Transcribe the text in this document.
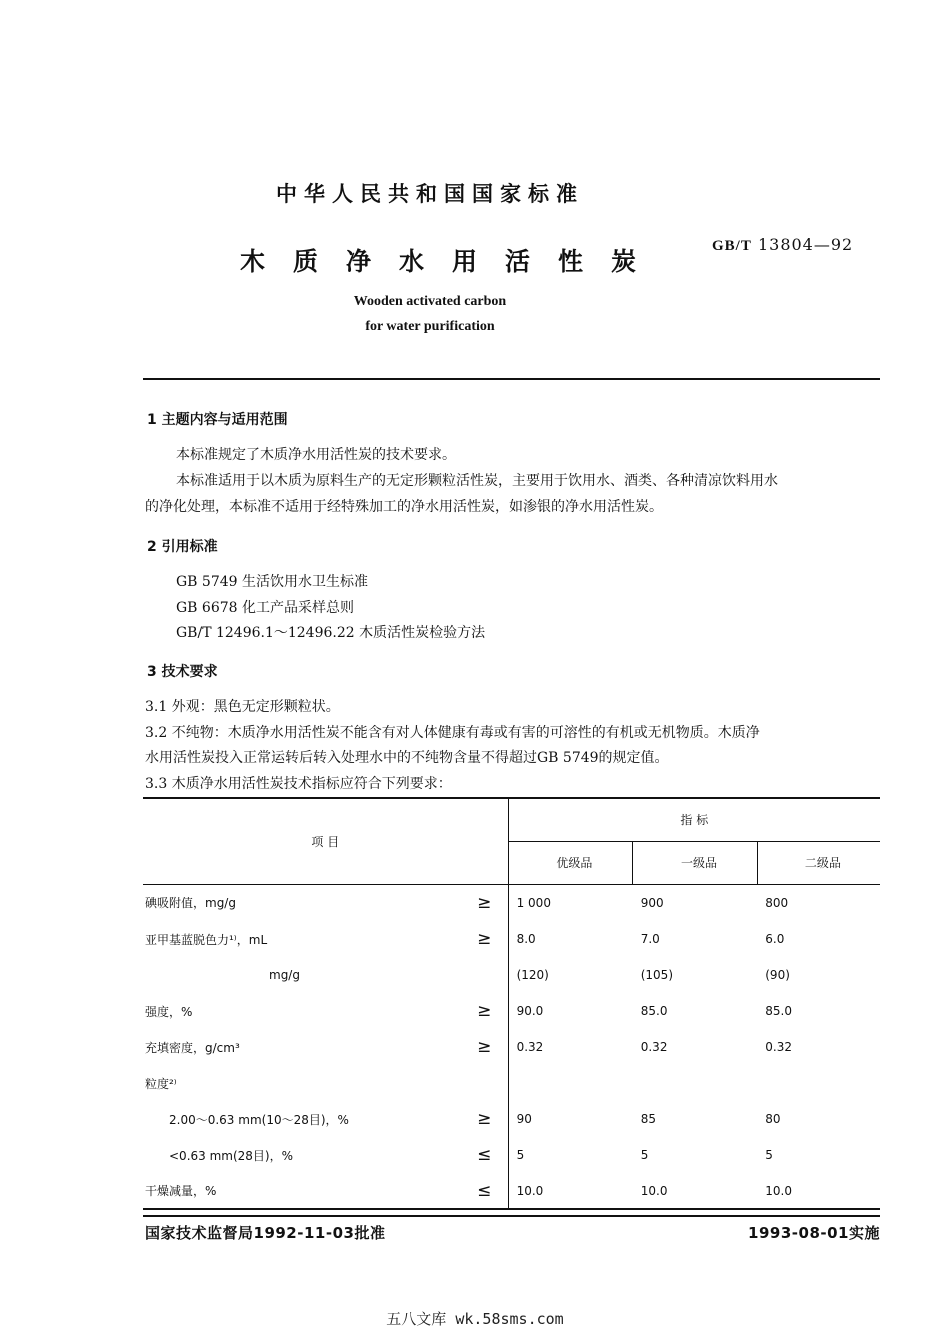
中华人民共和国国家标准
木质净水用活性炭
GB/T 13804—92
Wooden activated carbon
for water purification
1 主题内容与适用范围
本标准规定了木质净水用活性炭的技术要求。
本标准适用于以木质为原料生产的无定形颗粒活性炭，主要用于饮用水、酒类、各种清凉饮料用水
的净化处理，本标准不适用于经特殊加工的净水用活性炭，如渗银的净水用活性炭。
2 引用标准
GB 5749 生活饮用水卫生标准
GB 6678 化工产品采样总则
GB/T 12496.1～12496.22 木质活性炭检验方法
3 技术要求
3.1 外观：黑色无定形颗粒状。
3.2 不纯物：木质净水用活性炭不能含有对人体健康有毒或有害的可溶性的有机或无机物质。木质净
水用活性炭投入正常运转后转入处理水中的不纯物含量不得超过GB 5749的规定值。
3.3 木质净水用活性炭技术指标应符合下列要求：
项 目		指 标		
		优级品	一级品	二级品
碘吸附值，mg/g	≥	1 000	900	800
亚甲基蓝脱色力¹⁾，mL	≥	8.0	7.0	6.0
mg/g		(120)	(105)	(90)
强度，%	≥	90.0	85.0	85.0
充填密度，g/cm³	≥	0.32	0.32	0.32
粒度²⁾				
2.00～0.63 mm(10～28目)，%	≥	90	85	80
<0.63 mm(28目)，%	≤	5	5	5
干燥减量，%	≤	10.0	10.0	10.0
国家技术监督局1992-11-03批准	1993-08-01实施
五八文库 wk.58sms.com
